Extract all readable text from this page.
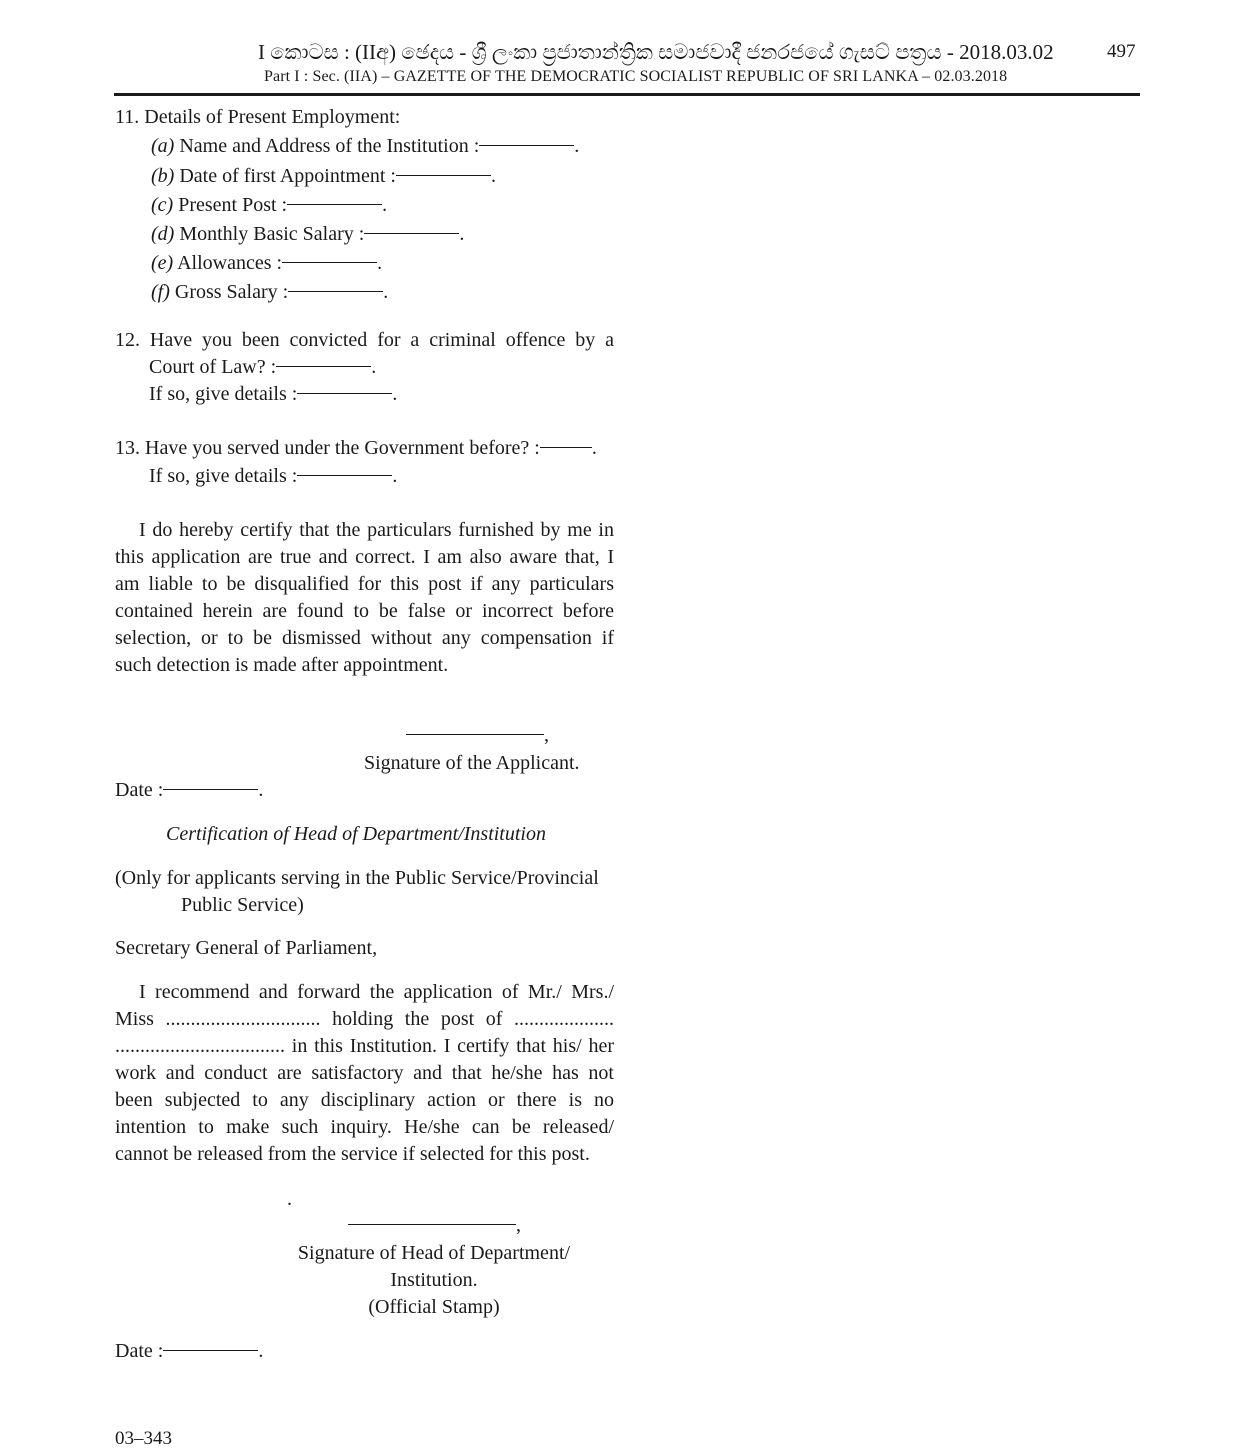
I කොටස : (IIඅ) ඡෙදය - ශ්‍රී ලංකා ප්‍රජාතාන්ත්‍රික සමාජවාදී ජනරජයේ ගැසට් පත්‍රය - 2018.03.02
Part I : Sec. (IIA) – GAZETTE OF THE DEMOCRATIC SOCIALIST REPUBLIC OF SRI LANKA – 02.03.2018
497
11. Details of Present Employment:
(a) Name and Address of the Institution :	.
(b) Date of first Appointment :	.
(c) Present Post :	.
(d) Monthly Basic Salary :	.
(e) Allowances :	.
(f) Gross Salary :	.
12. Have you been convicted for a criminal offence by a
Court of Law? :	.
If so, give details :	.
13. Have you served under the Government before? :	.
If so, give details :	.
I do hereby certify that the particulars furnished by me in this application are true and correct. I am also aware that, I am liable to be disqualified for this post if any particulars contained herein are found to be false or incorrect before selection, or to be dismissed without any compensation if such detection is made after appointment.
,
Signature of the Applicant.
Date :	.
Certification of Head of Department/Institution
(Only for applicants serving in the Public Service/Provincial
Public Service)
Secretary General of Parliament,
I recommend and forward the application of Mr./ Mrs./ Miss ............................... holding the post of .................... .................................. in this Institution. I certify that his/ her work and conduct are satisfactory and that he/she has not been subjected to any disciplinary action or there is no intention to make such inquiry. He/she can be released/ cannot be released from the service if selected for this post.
.
,
Signature of Head of Department/
Institution.
(Official Stamp)
Date :	.
03–343
